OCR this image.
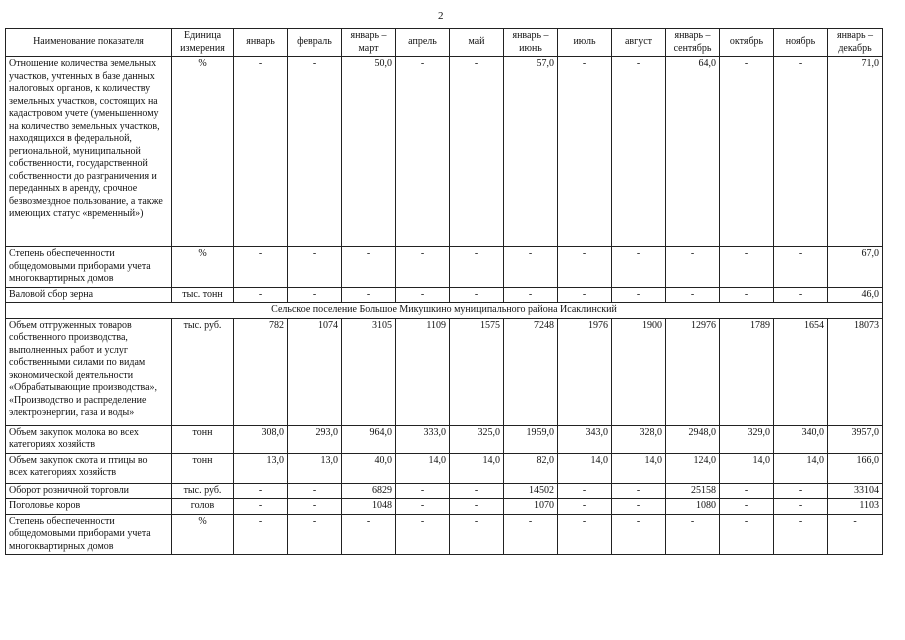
2
Наименование показателя	Единица измерения	январь	февраль	январь – март	апрель	май	январь – июнь	июль	август	январь – сентябрь	октябрь	ноябрь	январь – декабрь
Отношение количества земельных участков, учтенных в базе данных налоговых органов, к количеству земельных участков, состоящих на кадастровом учете (уменьшенному на количество земельных участков, находящихся в федеральной, региональной, муниципальной собственности, государственной собственности до разграничения и переданных в аренду, срочное безвозмездное пользование, а также имеющих статус «временный»)	%	-	-	50,0	-	-	57,0	-	-	64,0	-	-	71,0
Степень обеспеченности общедомовыми приборами учета многоквартирных домов	%	-	-	-	-	-	-	-	-	-	-	-	67,0
Валовой сбор зерна	тыс. тонн	-	-	-	-	-	-	-	-	-	-	-	46,0
Сельское поселение Большое Микушкино муниципального района Исаклинский													
Объем отгруженных товаров собственного производства, выполненных работ и услуг собственными силами по видам экономической деятельности «Обрабатывающие производства», «Производство и распределение электроэнергии, газа и воды»	тыс. руб.	782	1074	3105	1109	1575	7248	1976	1900	12976	1789	1654	18073
Объем закупок молока во всех категориях хозяйств	тонн	308,0	293,0	964,0	333,0	325,0	1959,0	343,0	328,0	2948,0	329,0	340,0	3957,0
Объем закупок скота и птицы во всех категориях хозяйств	тонн	13,0	13,0	40,0	14,0	14,0	82,0	14,0	14,0	124,0	14,0	14,0	166,0
Оборот розничной торговли	тыс. руб.	-	-	6829	-	-	14502	-	-	25158	-	-	33104
Поголовье коров	голов	-	-	1048	-	-	1070	-	-	1080	-	-	1103
Степень обеспеченности общедомовыми приборами учета многоквартирных домов	%	-	-	-	-	-	-	-	-	-	-	-	-
